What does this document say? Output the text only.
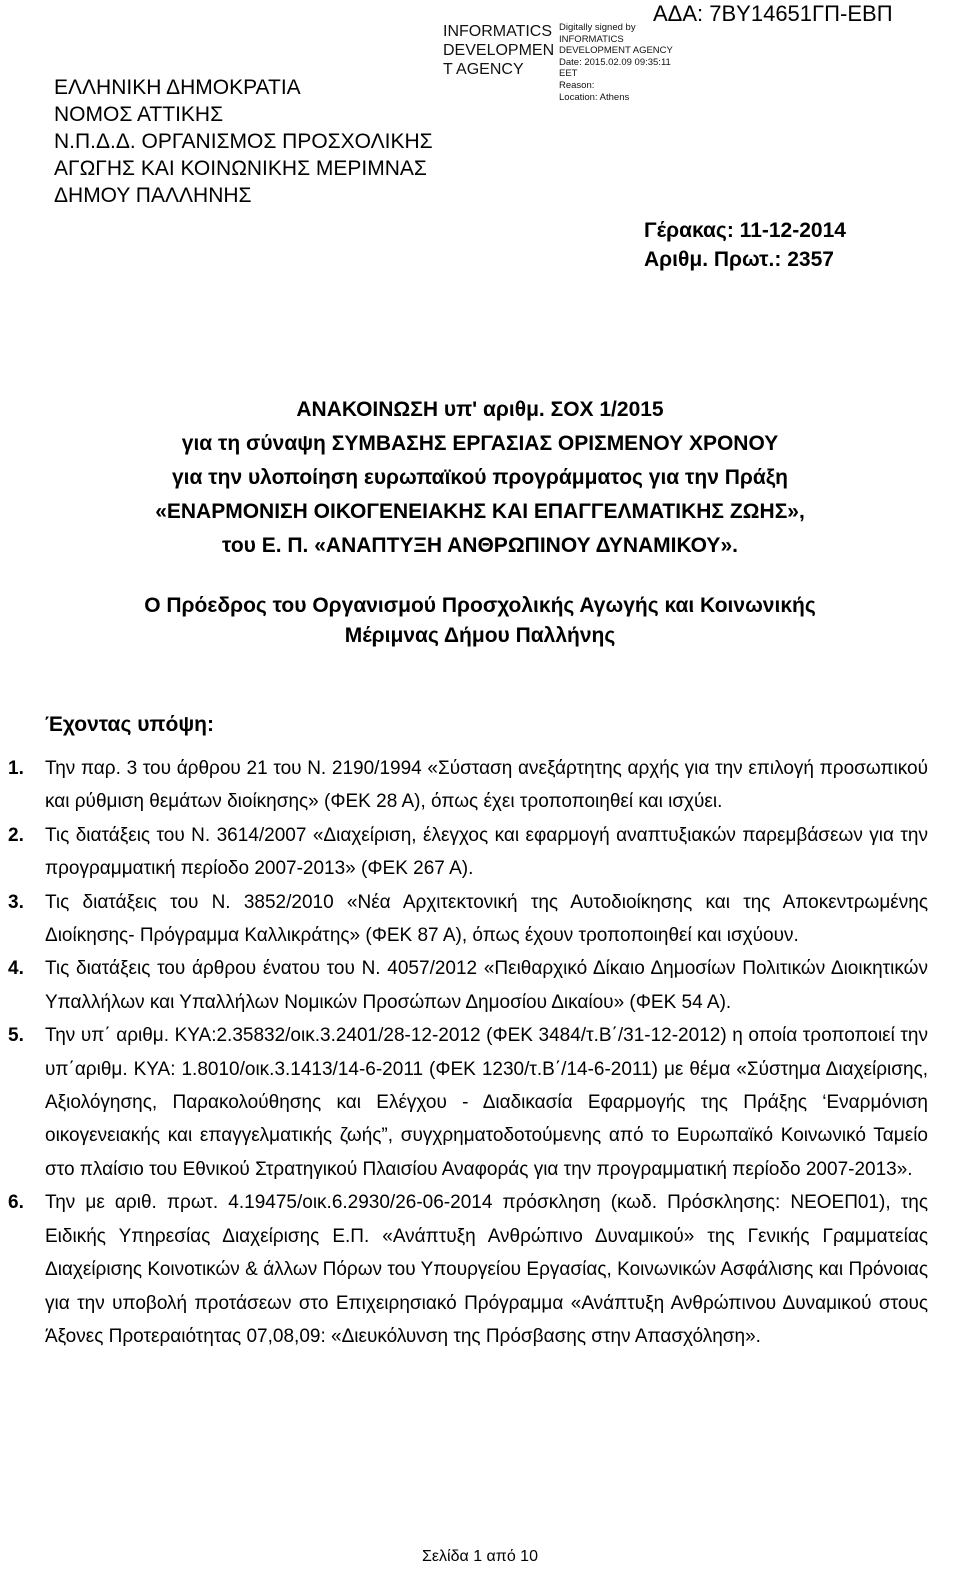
ΕΛΛΗΝΙΚΗ ΔΗΜΟΚΡΑΤΙΑ
ΝΟΜΟΣ ΑΤΤΙΚΗΣ
Ν.Π.Δ.Δ. ΟΡΓΑΝΙΣΜΟΣ ΠΡΟΣΧΟΛΙΚΗΣ
ΑΓΩΓΗΣ ΚΑΙ ΚΟΙΝΩΝΙΚΗΣ ΜΕΡΙΜΝΑΣ
ΔΗΜΟΥ ΠΑΛΛΗΝΗΣ
INFORMATICS
DEVELOPMEN
T AGENCY
Digitally signed by
INFORMATICS
DEVELOPMENT AGENCY
Date: 2015.02.09 09:35:11
EET
Reason:
Location: Athens
ΑΔΑ: 7ΒΥ14651ΓΠ-ΕΒΠ
Γέρακας: 11-12-2014
Αριθμ. Πρωτ.: 2357
ΑΝΑΚΟΙΝΩΣΗ υπ' αριθμ. ΣΟΧ 1/2015
για τη σύναψη ΣΥΜΒΑΣΗΣ ΕΡΓΑΣΙΑΣ ΟΡΙΣΜΕΝΟΥ ΧΡΟΝΟΥ
για την υλοποίηση ευρωπαϊκού προγράμματος για την Πράξη
«ΕΝΑΡΜΟΝΙΣΗ ΟΙΚΟΓΕΝΕΙΑΚΗΣ ΚΑΙ ΕΠΑΓΓΕΛΜΑΤΙΚΗΣ ΖΩΗΣ»,
του Ε. Π. «ΑΝΑΠΤΥΞΗ ΑΝΘΡΩΠΙΝΟΥ ΔΥΝΑΜΙΚΟΥ».
Ο Πρόεδρος του Οργανισμού Προσχολικής Αγωγής και Κοινωνικής
Μέριμνας Δήμου Παλλήνης
Έχοντας υπόψη:
1. Την παρ. 3 του άρθρου 21 του Ν. 2190/1994 «Σύσταση ανεξάρτητης αρχής για την επιλογή προσωπικού και ρύθμιση θεμάτων διοίκησης» (ΦΕΚ 28 Α), όπως έχει τροποποιηθεί και ισχύει.
2. Τις διατάξεις του Ν. 3614/2007 «Διαχείριση, έλεγχος και εφαρμογή αναπτυξιακών παρεμβάσεων για την προγραμματική περίοδο 2007-2013» (ΦΕΚ 267 Α).
3. Τις διατάξεις του Ν. 3852/2010 «Νέα Αρχιτεκτονική της Αυτοδιοίκησης και της Αποκεντρωμένης Διοίκησης- Πρόγραμμα Καλλικράτης» (ΦΕΚ 87 Α), όπως έχουν τροποποιηθεί και ισχύουν.
4. Τις διατάξεις του άρθρου ένατου του Ν. 4057/2012 «Πειθαρχικό Δίκαιο Δημοσίων Πολιτικών Διοικητικών Υπαλλήλων και Υπαλλήλων Νομικών Προσώπων Δημοσίου Δικαίου» (ΦΕΚ 54 Α).
5. Την υπ΄ αριθμ. ΚΥΑ:2.35832/οικ.3.2401/28-12-2012 (ΦΕΚ 3484/τ.Β΄/31-12-2012) η οποία τροποποιεί την υπ΄αριθμ. ΚΥΑ: 1.8010/οικ.3.1413/14-6-2011 (ΦΕΚ 1230/τ.Β΄/14-6-2011) με θέμα «Σύστημα Διαχείρισης, Αξιολόγησης, Παρακολούθησης και Ελέγχου - Διαδικασία Εφαρμογής της Πράξης ‘Εναρμόνιση οικογενειακής και επαγγελματικής ζωής”, συγχρηματοδοτούμενης από το Ευρωπαϊκό Κοινωνικό Ταμείο στο πλαίσιο του Εθνικού Στρατηγικού Πλαισίου Αναφοράς για την προγραμματική περίοδο 2007-2013».
6. Την με αριθ. πρωτ. 4.19475/οικ.6.2930/26-06-2014 πρόσκληση (κωδ. Πρόσκλησης: ΝΕΟΕΠ01), της Ειδικής Υπηρεσίας Διαχείρισης Ε.Π. «Ανάπτυξη Ανθρώπινο Δυναμικού» της Γενικής Γραμματείας Διαχείρισης Κοινοτικών & άλλων Πόρων του Υπουργείου Εργασίας, Κοινωνικών Ασφάλισης και Πρόνοιας για την υποβολή προτάσεων στο Επιχειρησιακό Πρόγραμμα «Ανάπτυξη Ανθρώπινου Δυναμικού στους Άξονες Προτεραιότητας 07,08,09: «Διευκόλυνση της Πρόσβασης στην Απασχόληση».
Σελίδα 1 από 10
